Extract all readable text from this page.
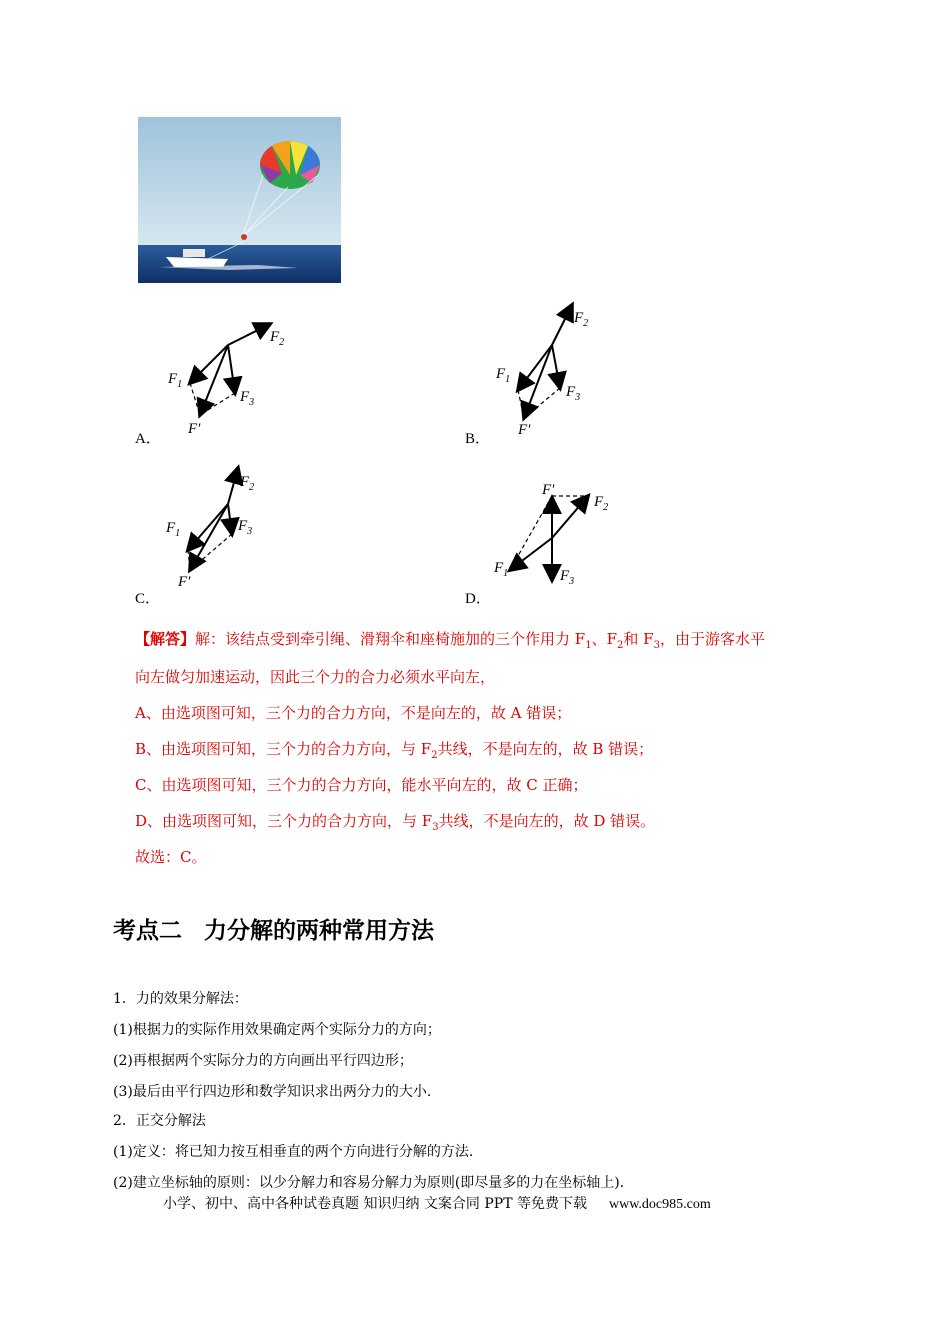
$F_2$
$F_1$
$F_3$
F′
A．
$F_2$
$F_1$
$F_3$
F′
B．
$F_2$
$F_1$	$F_3$
F′
C．
F′
$F_2$
$F_1$	$F_3$
D．
【解答】解：该结点受到牵引绳、滑翔伞和座椅施加的三个作用力 $F_1$、$F_2$和 $F_3$，由于游客水平
向左做匀加速运动，因此三个力的合力必须水平向左，
A、由选项图可知，三个力的合力方向，不是向左的，故 A 错误；
B、由选项图可知，三个力的合力方向，与 $F_2$共线，不是向左的，故 B 错误；
C、由选项图可知，三个力的合力方向，能水平向左的，故 C 正确；
D、由选项图可知，三个力的合力方向，与 $F_3$共线，不是向左的，故 D 错误。
故选：C。
考点二 力分解的两种常用方法
1．力的效果分解法：
(1)根据力的实际作用效果确定两个实际分力的方向；
(2)再根据两个实际分力的方向画出平行四边形；
(3)最后由平行四边形和数学知识求出两分力的大小．
2．正交分解法
(1)定义：将已知力按互相垂直的两个方向进行分解的方法．
(2)建立坐标轴的原则：以少分解力和容易分解力为原则(即尽量多的力在坐标轴上)．
小学、初中、高中各种试卷真题 知识归纳 文案合同 PPT 等免费下载 www.doc985.com
